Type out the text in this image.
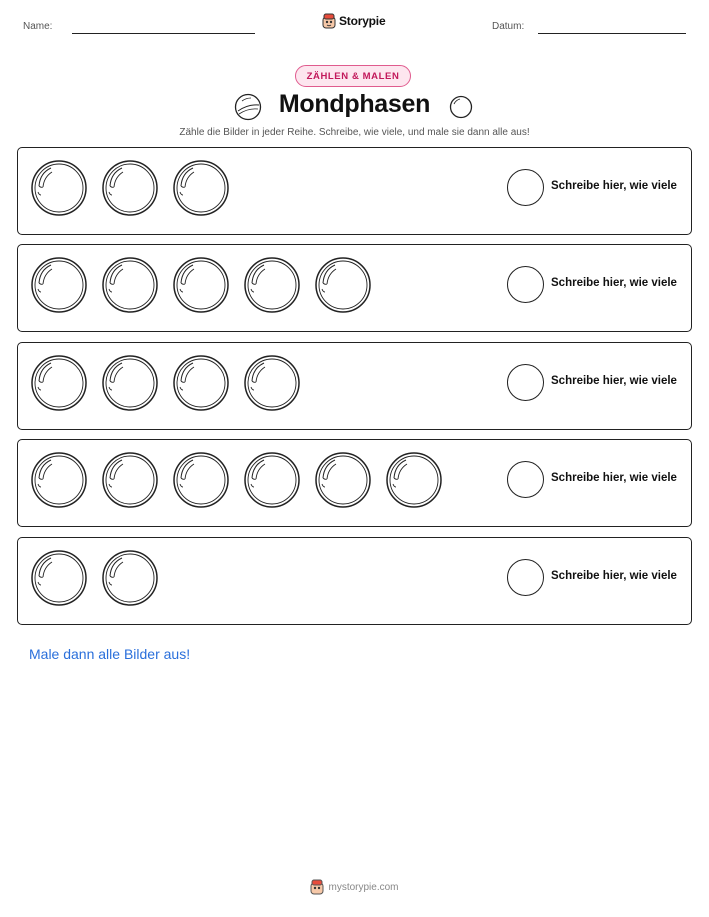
Name:	Storypie	Datum:
ZÄHLEN & MALEN
Mondphasen
Zähle die Bilder in jeder Reihe. Schreibe, wie viele, und male sie dann alle aus!
Schreibe hier, wie viele
Schreibe hier, wie viele
Schreibe hier, wie viele
Schreibe hier, wie viele
Schreibe hier, wie viele
Male dann alle Bilder aus!
mystorypie.com
